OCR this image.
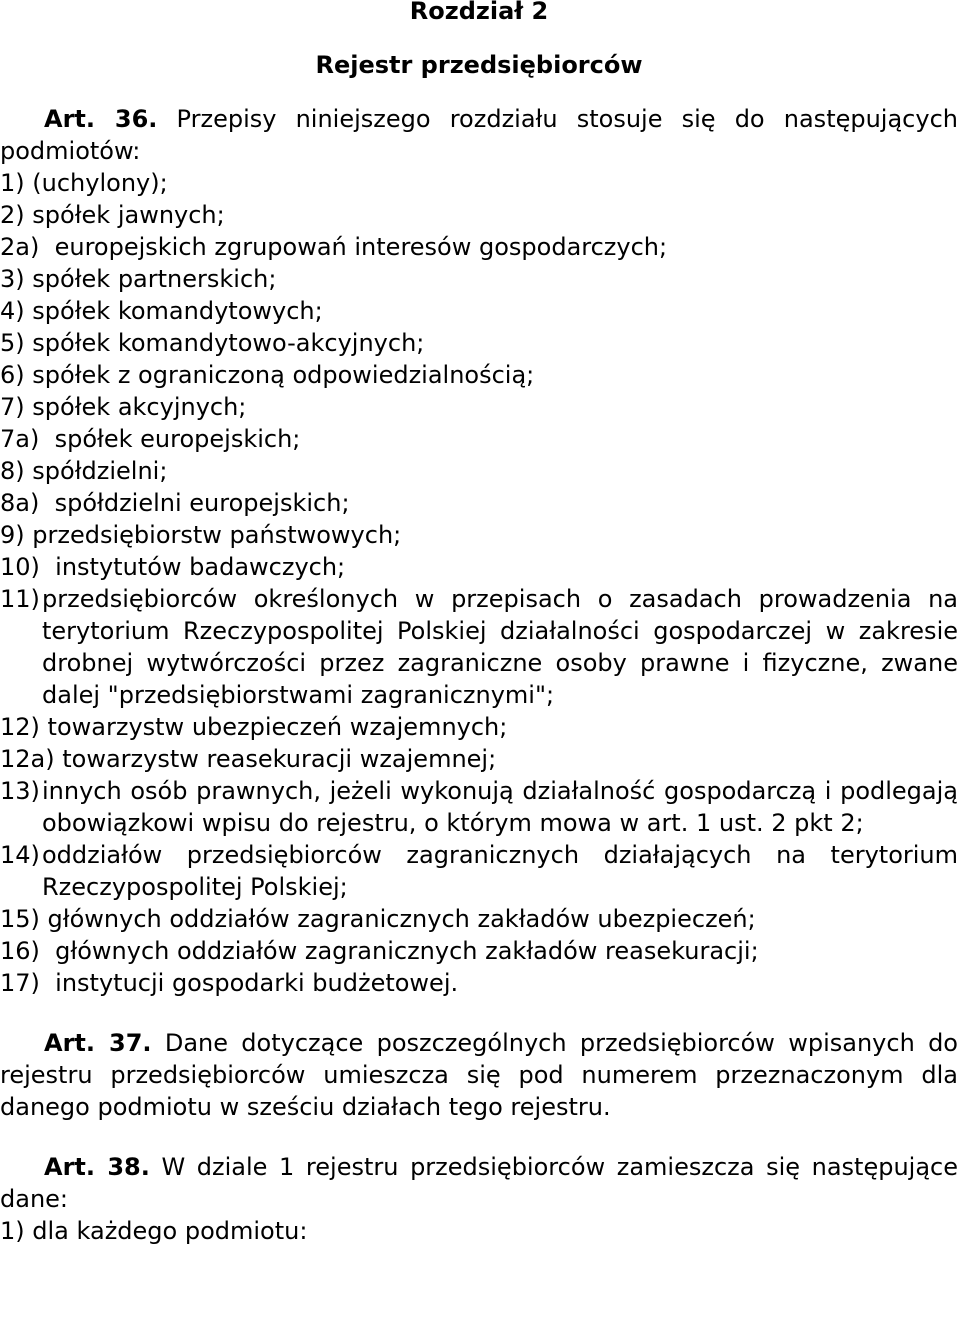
Rozdział 2
Rejestr przedsiębiorców
Art. 36. Przepisy niniejszego rozdziału stosuje się do następujących podmiotów:
1) (uchylony);
2) spółek jawnych;
2a) europejskich zgrupowań interesów gospodarczych;
3) spółek partnerskich;
4) spółek komandytowych;
5) spółek komandytowo-akcyjnych;
6) spółek z ograniczoną odpowiedzialnością;
7) spółek akcyjnych;
7a) spółek europejskich;
8) spółdzielni;
8a) spółdzielni europejskich;
9) przedsiębiorstw państwowych;
10) instytutów badawczych;
11) przedsiębiorców określonych w przepisach o zasadach prowadzenia na terytorium Rzeczypospolitej Polskiej działalności gospodarczej w zakresie drobnej wytwórczości przez zagraniczne osoby prawne i fizyczne, zwane dalej "przedsiębiorstwami zagranicznymi";
12) towarzystw ubezpieczeń wzajemnych;
12a) towarzystw reasekuracji wzajemnej;
13) innych osób prawnych, jeżeli wykonują działalność gospodarczą i podlegają obowiązkowi wpisu do rejestru, o którym mowa w art. 1 ust. 2 pkt 2;
14) oddziałów przedsiębiorców zagranicznych działających na terytorium Rzeczypospolitej Polskiej;
15) głównych oddziałów zagranicznych zakładów ubezpieczeń;
16) głównych oddziałów zagranicznych zakładów reasekuracji;
17) instytucji gospodarki budżetowej.
Art. 37. Dane dotyczące poszczególnych przedsiębiorców wpisanych do rejestru przedsiębiorców umieszcza się pod numerem przeznaczonym dla danego podmiotu w sześciu działach tego rejestru.
Art. 38. W dziale 1 rejestru przedsiębiorców zamieszcza się następujące dane:
1) dla każdego podmiotu:
